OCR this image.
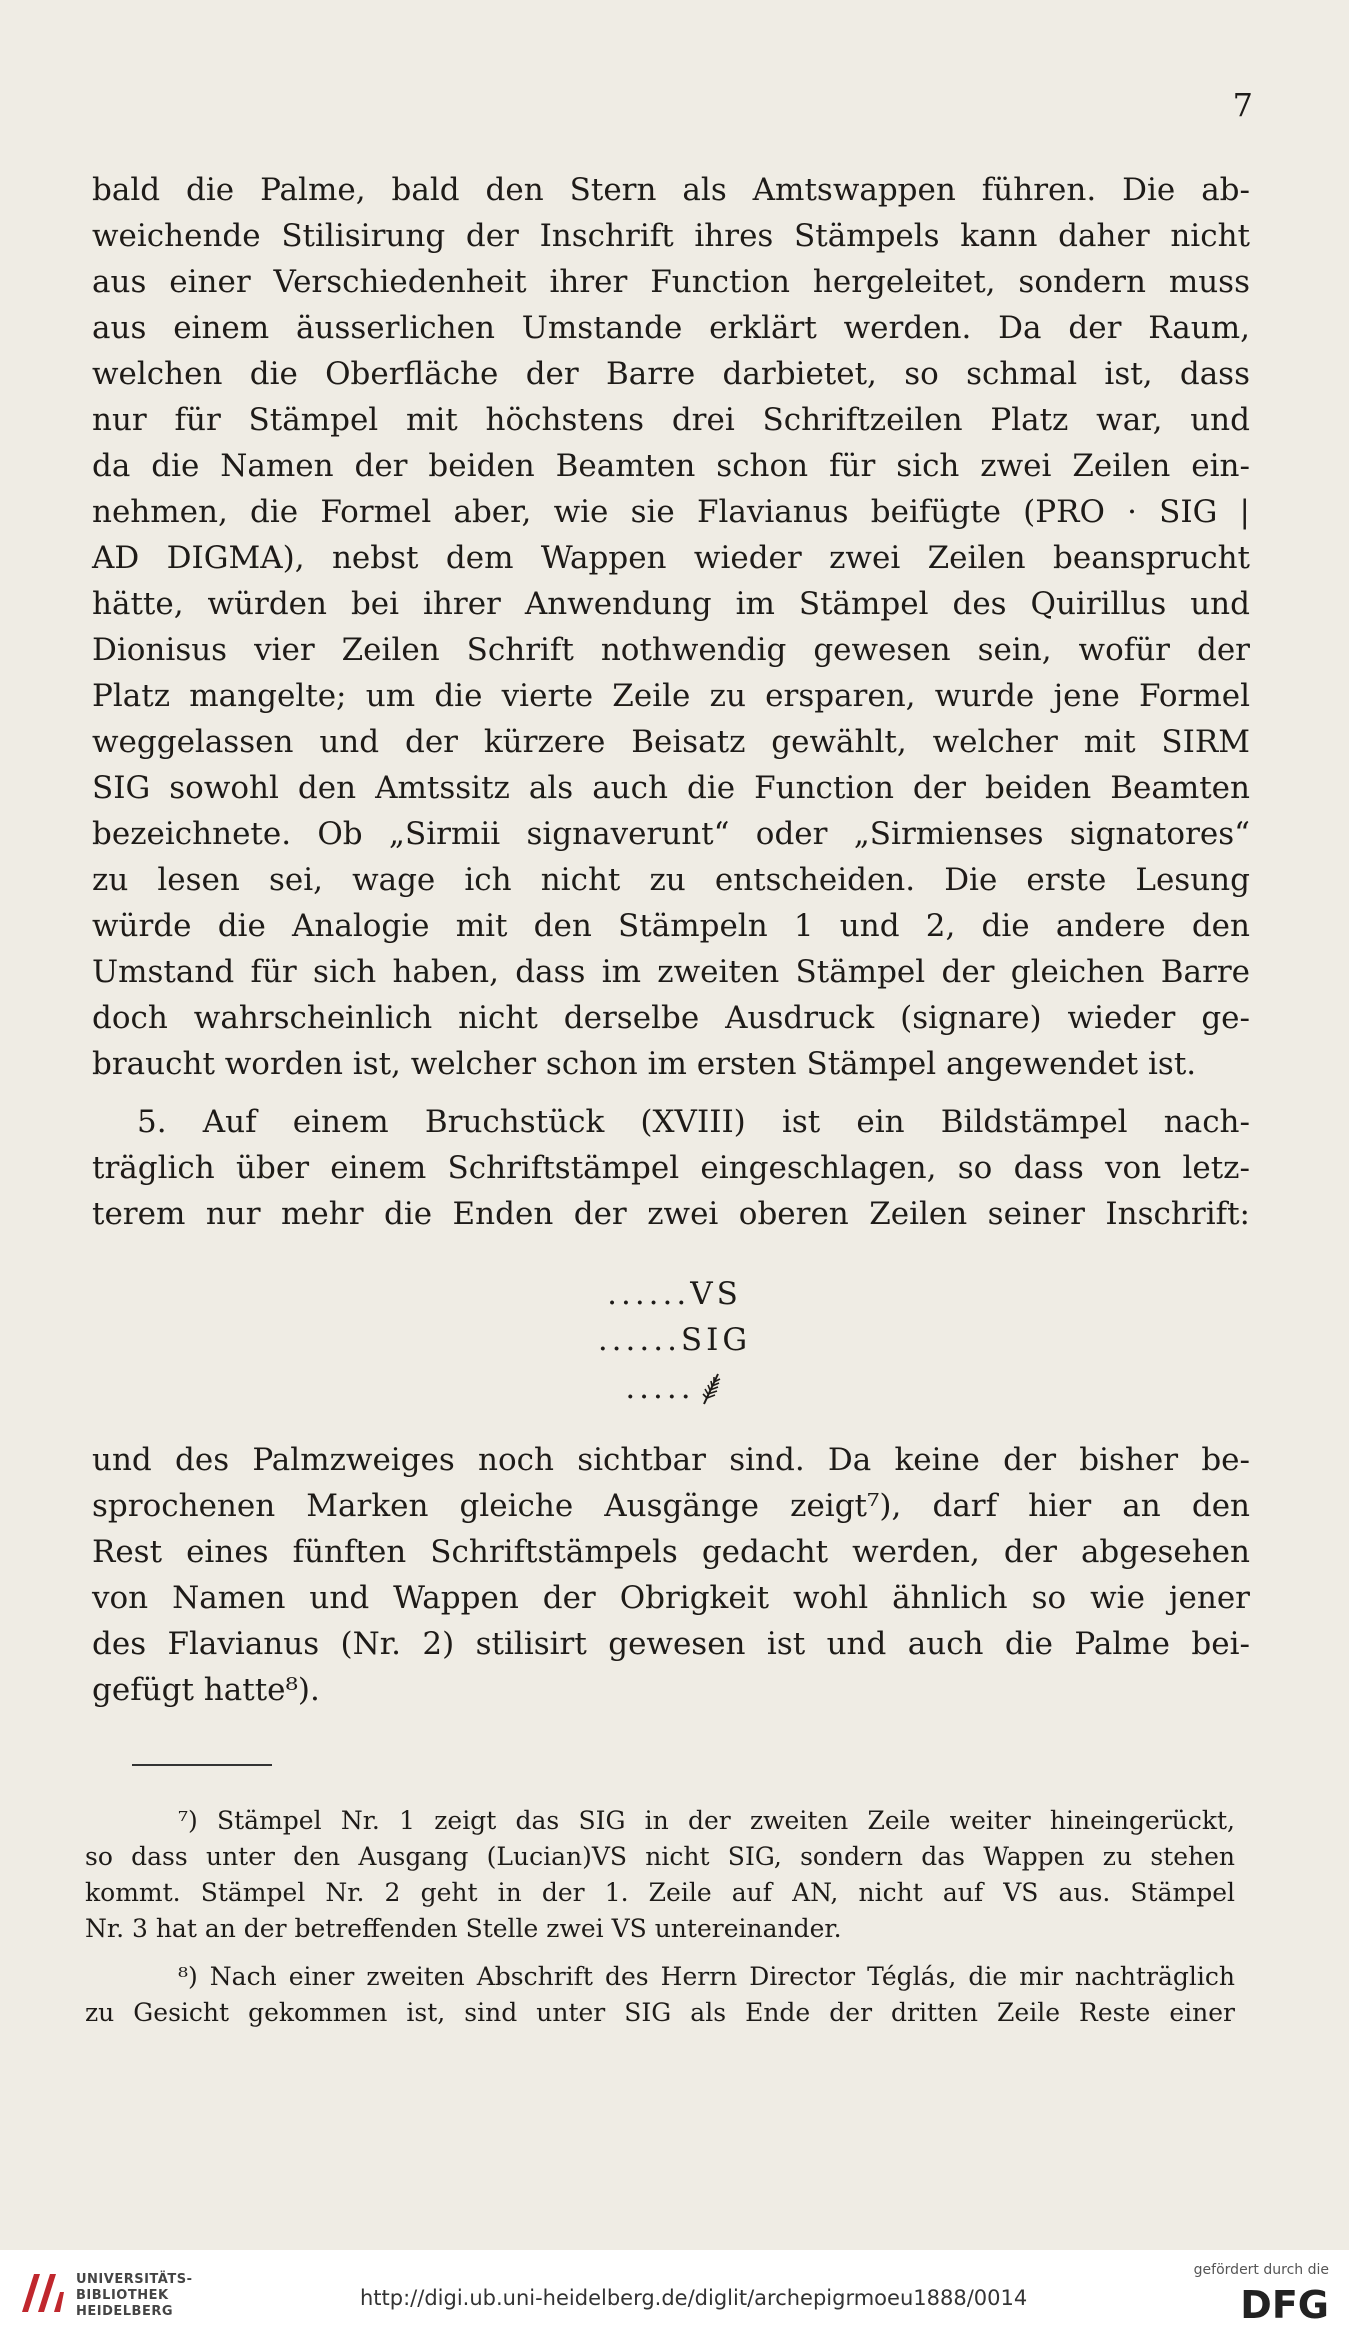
7
bald die Palme, bald den Stern als Amtswappen führen. Die ab-
weichende Stilisirung der Inschrift ihres Stämpels kann daher nicht
aus einer Verschiedenheit ihrer Function hergeleitet, sondern muss
aus einem äusserlichen Umstande erklärt werden. Da der Raum,
welchen die Oberfläche der Barre darbietet, so schmal ist, dass
nur für Stämpel mit höchstens drei Schriftzeilen Platz war, und
da die Namen der beiden Beamten schon für sich zwei Zeilen ein-
nehmen, die Formel aber, wie sie Flavianus beifügte (PRO · SIG |
AD DIGMA), nebst dem Wappen wieder zwei Zeilen beansprucht
hätte, würden bei ihrer Anwendung im Stämpel des Quirillus und
Dionisus vier Zeilen Schrift nothwendig gewesen sein, wofür der
Platz mangelte; um die vierte Zeile zu ersparen, wurde jene Formel
weggelassen und der kürzere Beisatz gewählt, welcher mit SIRM
SIG sowohl den Amtssitz als auch die Function der beiden Beamten
bezeichnete. Ob „Sirmii signaverunt“ oder „Sirmienses signatores“
zu lesen sei, wage ich nicht zu entscheiden. Die erste Lesung
würde die Analogie mit den Stämpeln 1 und 2, die andere den
Umstand für sich haben, dass im zweiten Stämpel der gleichen Barre
doch wahrscheinlich nicht derselbe Ausdruck (signare) wieder ge-
braucht worden ist, welcher schon im ersten Stämpel angewendet ist.
5. Auf einem Bruchstück (XVIII) ist ein Bildstämpel nach-
träglich über einem Schriftstämpel eingeschlagen, so dass von letz-
terem nur mehr die Enden der zwei oberen Zeilen seiner Inschrift:
......VS
......SIG
.....
und des Palmzweiges noch sichtbar sind. Da keine der bisher be-
sprochenen Marken gleiche Ausgänge zeigt⁷), darf hier an den
Rest eines fünften Schriftstämpels gedacht werden, der abgesehen
von Namen und Wappen der Obrigkeit wohl ähnlich so wie jener
des Flavianus (Nr. 2) stilisirt gewesen ist und auch die Palme bei-
gefügt hatte⁸).
⁷) Stämpel Nr. 1 zeigt das SIG in der zweiten Zeile weiter hineingerückt,
so dass unter den Ausgang (Lucian)VS nicht SIG, sondern das Wappen zu stehen
kommt. Stämpel Nr. 2 geht in der 1. Zeile auf AN, nicht auf VS aus. Stämpel
Nr. 3 hat an der betreffenden Stelle zwei VS untereinander.
⁸) Nach einer zweiten Abschrift des Herrn Director Téglás, die mir nachträglich
zu Gesicht gekommen ist, sind unter SIG als Ende der dritten Zeile Reste einer
UNIVERSITÄTS-
BIBLIOTHEK
HEIDELBERG
http://digi.ub.uni-heidelberg.de/diglit/archepigrmoeu1888/0014
gefördert durch die
DFG
